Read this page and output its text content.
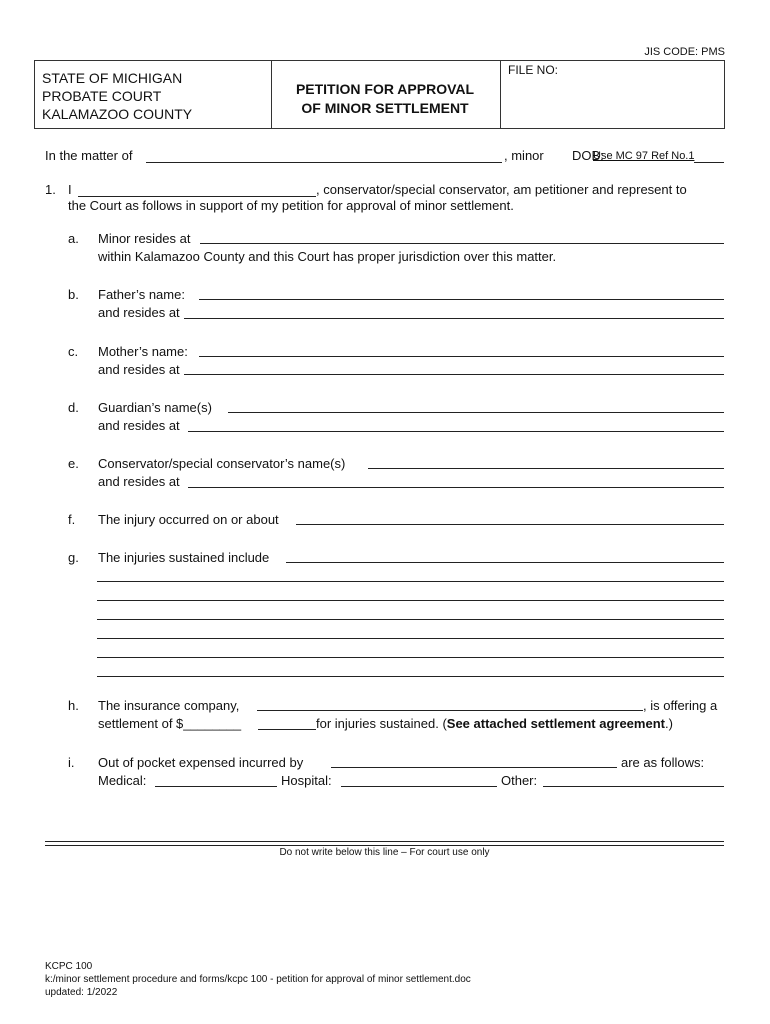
JIS CODE: PMS
STATE OF MICHIGAN
PROBATE COURT
KALAMAZOO COUNTY
PETITION FOR APPROVAL
OF MINOR SETTLEMENT
FILE NO:
In the matter of	, minor DOB:
Use MC 97 Ref No.1
1. I	, conservator/special conservator, am petitioner and represent to
the Court as follows in support of my petition for approval of minor settlement.
a. Minor resides at
within Kalamazoo County and this Court has proper jurisdiction over this matter.
b. Father’s name:
and resides at
c. Mother’s name:
and resides at
d. Guardian’s name(s)
and resides at
e. Conservator/special conservator’s name(s)
and resides at
f. The injury occurred on or about
g. The injuries sustained include
h. The insurance company,	, is offering a
settlement of $________	for injuries sustained. (See attached settlement agreement.)
i. Out of pocket expensed incurred by	are as follows:
Medical:	Hospital:	Other:
Do not write below this line – For court use only
KCPC 100
k:/minor settlement procedure and forms/kcpc 100 - petition for approval of minor settlement.doc
updated: 1/2022
